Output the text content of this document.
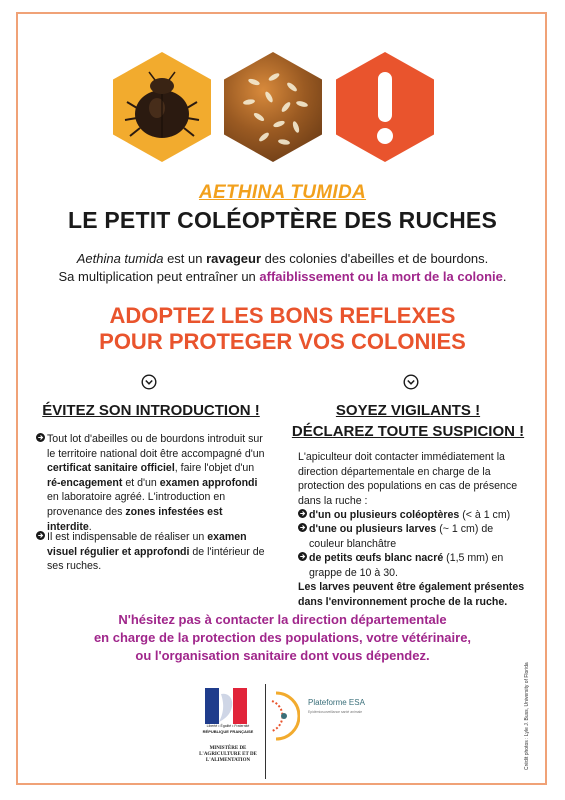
AETHINA TUMIDA
LE PETIT COLÉOPTÈRE DES RUCHES
Aethina tumida est un ravageur des colonies d'abeilles et de bourdons.
Sa multiplication peut entraîner un affaiblissement ou la mort de la colonie.
ADOPTEZ LES BONS REFLEXES
POUR PROTEGER VOS COLONIES
ÉVITEZ SON INTRODUCTION !	SOYEZ VIGILANTS !
DÉCLAREZ TOUTE SUSPICION !
Tout lot d'abeilles ou de bourdons introduit sur le territoire national doit être accompagné d'un certificat sanitaire officiel, faire l'objet d'un ré-encagement et d'un examen approfondi en laboratoire agréé. L'introduction en provenance des zones infestées est interdite.
Il est indispensable de réaliser un examen visuel régulier et approfondi de l'intérieur de ses ruches.
L'apiculteur doit contacter immédiatement la direction départementale en charge de la protection des populations en cas de présence dans la ruche :
d'un ou plusieurs coléoptères (< à 1 cm)
d'une ou plusieurs larves (~ 1 cm) de couleur blanchâtre
de petits œufs blanc nacré (1,5 mm) en grappe de 10 à 30.
Les larves peuvent être également présentes dans l'environnement proche de la ruche.
N'hésitez pas à contacter la direction départementale
en charge de la protection des populations, votre vétérinaire,
ou l'organisation sanitaire dont vous dépendez.
Liberté • Égalité • Fraternité
RÉPUBLIQUE FRANÇAISE
MINISTÈRE DE L'AGRICULTURE ET DE L'ALIMENTATION
Plateforme ESA
Epidémiosurveillance santé animale	Crédit photos : Lyle J. Buss, University of Florida
